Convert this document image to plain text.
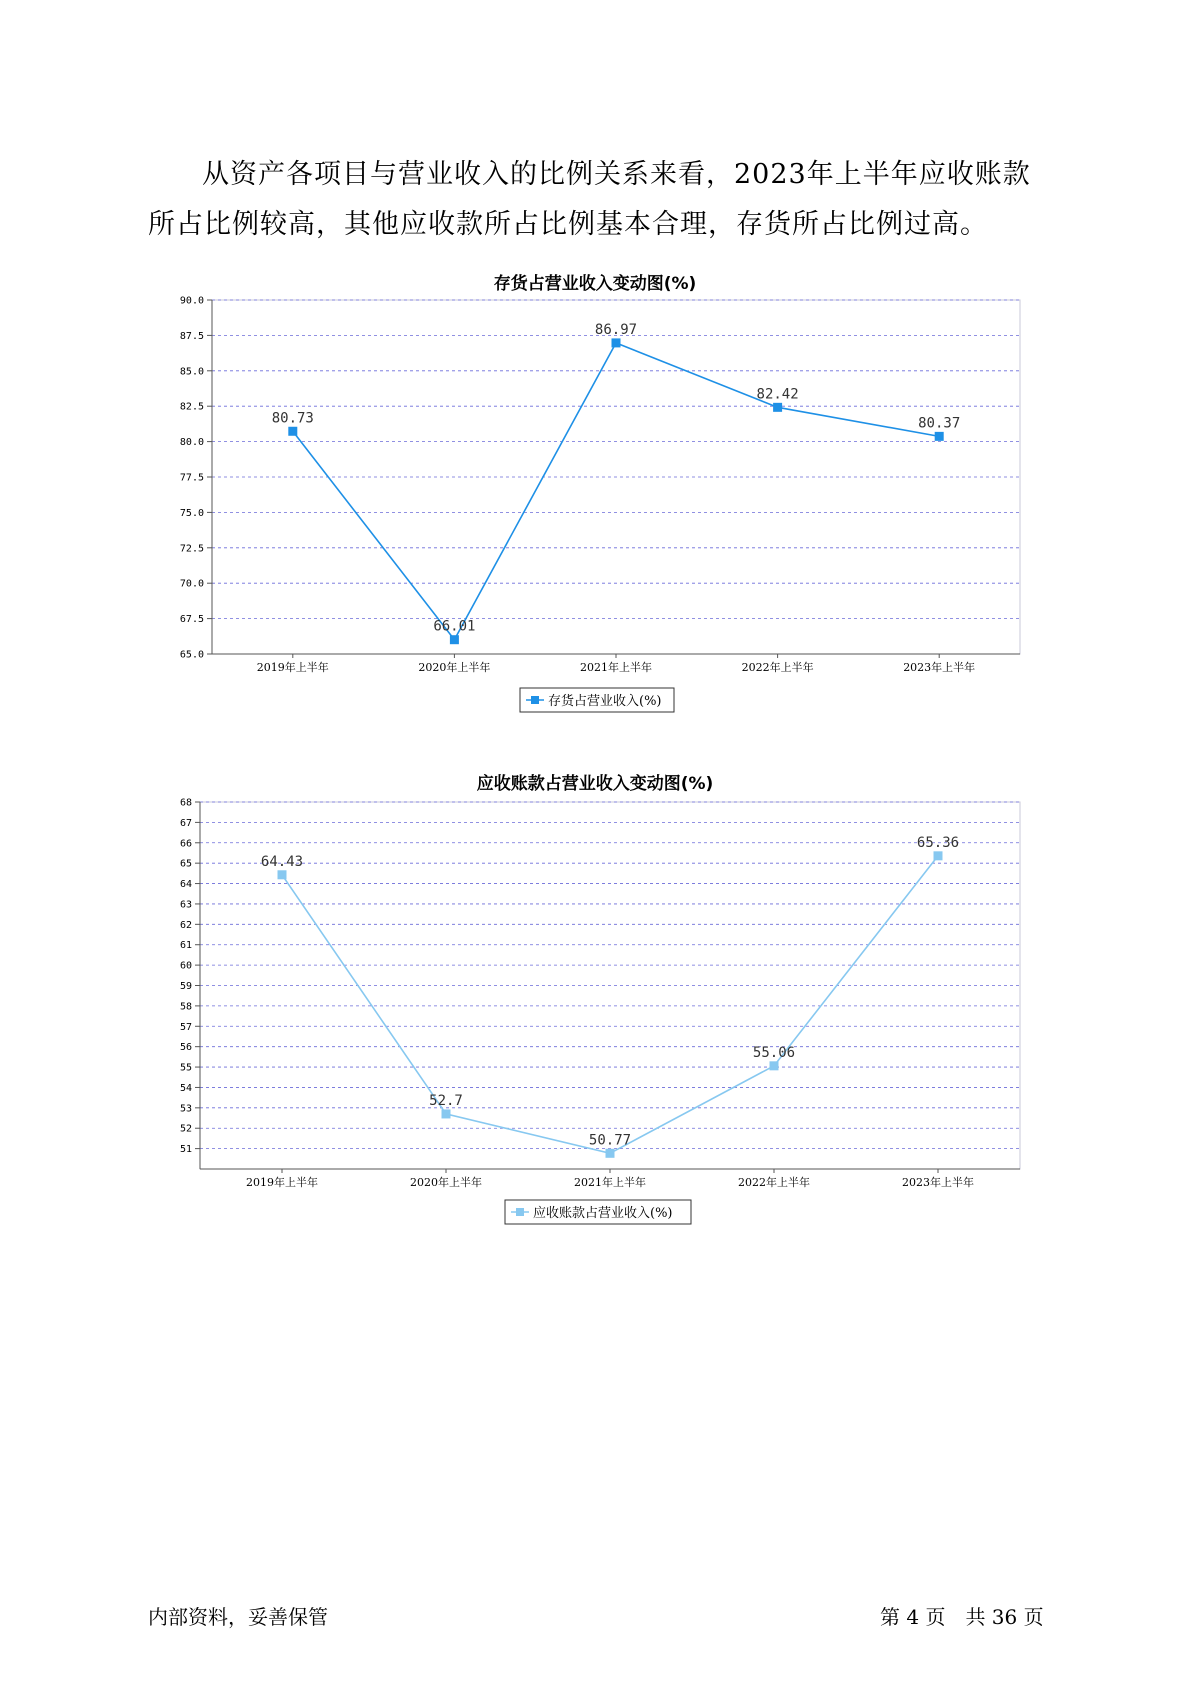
从资产各项目与营业收入的比例关系来看，2023年上半年应收账款所占比例较高，其他应收款所占比例基本合理，存货所占比例过高。

存货占营业收入变动图(%)
65.0
67.5
70.0
72.5
75.0
77.5
80.0
82.5
85.0
87.5
90.0
2019年上半年	2020年上半年	2021年上半年	2022年上半年	2023年上半年
80.73
66.01
86.97
82.42
80.37
存货占营业收入(%)
应收账款占营业收入变动图(%)
51
52
53
54
55
56
57
58
59
60
61
62
63
64
65
66
67
68
2019年上半年	2020年上半年	2021年上半年	2022年上半年	2023年上半年
64.43
52.7
50.77
55.06
65.36
应收账款占营业收入(%)
内部资料，妥善保管	第 4 页　共 36 页
